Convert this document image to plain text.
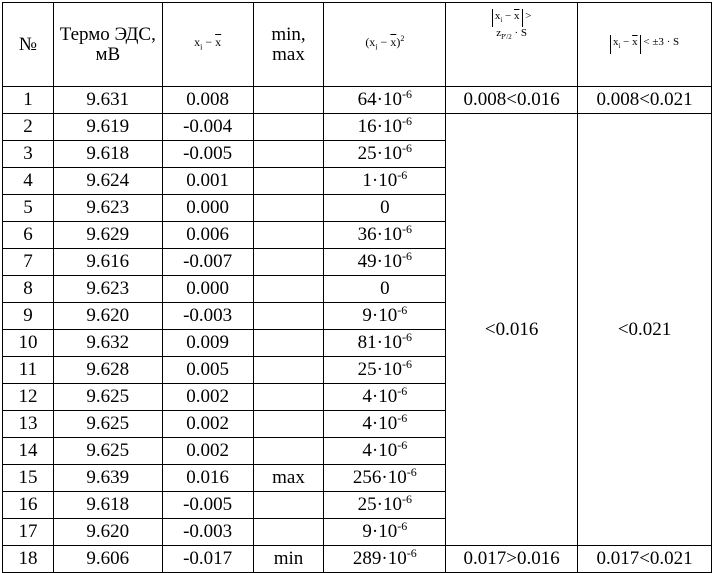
№	Термо ЭДС, мВ	$x_i - \overline{x}$	min, max	$(x_i - \overline{x})^2$	$x_i - \overline{x}$ >
$z_{P'/2} \cdot S$	$x_i - \overline{x} < \pm 3 \cdot S$
1	9.631	0.008		$64\cdot 10^{-6}$	0.008<0.016	0.008<0.021
2	9.619	-0.004		$16\cdot 10^{-6}$	<0.016	<0.021
3	9.618	-0.005		$25\cdot 10^{-6}$
4	9.624	0.001		$1\cdot 10^{-6}$
5	9.623	0.000		0		
6	9.629	0.006		$36\cdot 10^{-6}$
7	9.616	-0.007		$49\cdot 10^{-6}$
8	9.623	0.000		0		
9	9.620	-0.003		$9\cdot 10^{-6}$
10	9.632	0.009		$81\cdot 10^{-6}$
11	9.628	0.005		$25\cdot 10^{-6}$
12	9.625	0.002		$4\cdot 10^{-6}$
13	9.625	0.002		$4\cdot 10^{-6}$
14	9.625	0.002		$4\cdot 10^{-6}$
15	9.639	0.016	max	$256\cdot 10^{-6}$
16	9.618	-0.005		$25\cdot 10^{-6}$
17	9.620	-0.003		$9\cdot 10^{-6}$
18	9.606	-0.017	min	$289\cdot 10^{-6}$	0.017>0.016	0.017<0.021
